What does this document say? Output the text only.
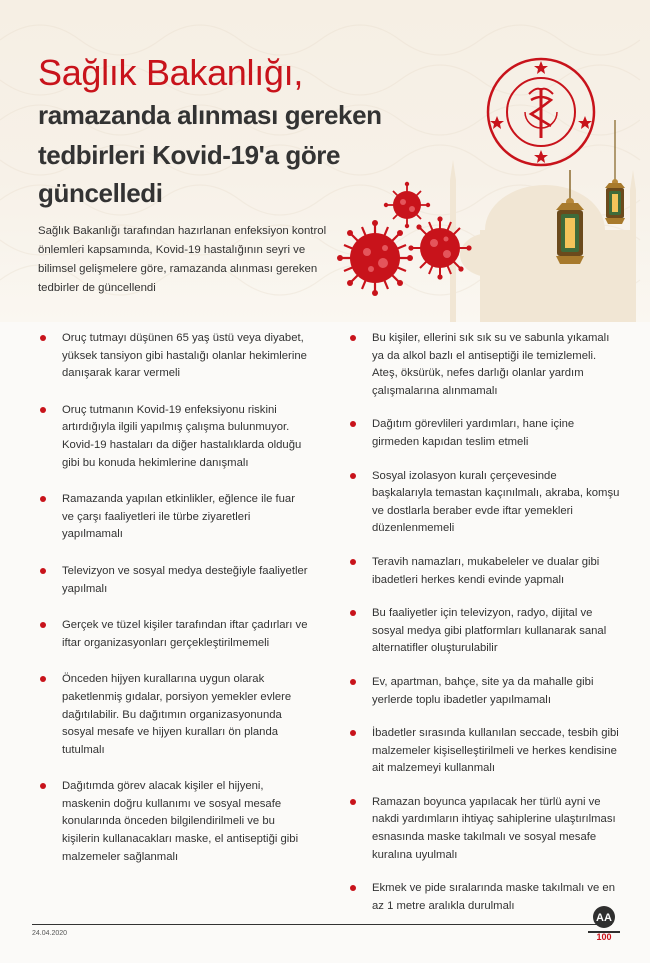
Sağlık Bakanlığı,
ramazanda alınması gereken
tedbirleri Kovid-19'a göre
güncelledi

Sağlık Bakanlığı tarafından hazırlanan enfeksiyon kontrol önlemleri kapsamında, Kovid-19 hastalığının seyri ve bilimsel gelişmelere göre, ramazanda alınması gereken tedbirler de güncellendi

Oruç tutmayı düşünen 65 yaş üstü veya diyabet, yüksek tansiyon gibi hastalığı olanlar hekimlerine danışarak karar vermeli
Oruç tutmanın Kovid-19 enfeksiyonu riskini artırdığıyla ilgili yapılmış çalışma bulunmuyor. Kovid-19 hastaları da diğer hastalıklarda olduğu gibi bu konuda hekimlerine danışmalı
Ramazanda yapılan etkinlikler, eğlence ile fuar ve çarşı faaliyetleri ile türbe ziyaretleri yapılmamalı
Televizyon ve sosyal medya desteğiyle faaliyetler yapılmalı
Gerçek ve tüzel kişiler tarafından iftar çadırları ve iftar organizasyonları gerçekleştirilmemeli
Önceden hijyen kurallarına uygun olarak paketlenmiş gıdalar, porsiyon yemekler evlere dağıtılabilir. Bu dağıtımın organizasyonunda sosyal mesafe ve hijyen kuralları ön planda tutulmalı
Dağıtımda görev alacak kişiler el hijyeni, maskenin doğru kullanımı ve sosyal mesafe konularında önceden bilgilendirilmeli ve bu kişilerin kullanacakları maske, el antiseptiği gibi malzemeler sağlanmalı
Bu kişiler, ellerini sık sık su ve sabunla yıkamalı ya da alkol bazlı el antiseptiği ile temizlemeli. Ateş, öksürük, nefes darlığı olanlar yardım çalışmalarına alınmamalı
Dağıtım görevlileri yardımları, hane içine girmeden kapıdan teslim etmeli
Sosyal izolasyon kuralı çerçevesinde başkalarıyla temastan kaçınılmalı, akraba, komşu ve dostlarla beraber evde iftar yemekleri düzenlenmemeli
Teravih namazları, mukabeleler ve dualar gibi ibadetleri herkes kendi evinde yapmalı
Bu faaliyetler için televizyon, radyo, dijital ve sosyal medya gibi platformları kullanarak sanal alternatifler oluşturulabilir
Ev, apartman, bahçe, site ya da mahalle gibi yerlerde toplu ibadetler yapılmamalı
İbadetler sırasında kullanılan seccade, tesbih gibi malzemeler kişiselleştirilmeli ve herkes kendisine ait malzemeyi kullanmalı
Ramazan boyunca yapılacak her türlü ayni ve nakdi yardımların ihtiyaç sahiplerine ulaştırılması esnasında maske takılmalı ve sosyal mesafe kuralına uyulmalı
Ekmek ve pide sıralarında maske takılmalı ve en az 1 metre aralıkla durulmalı
24.04.2020
AA
100
